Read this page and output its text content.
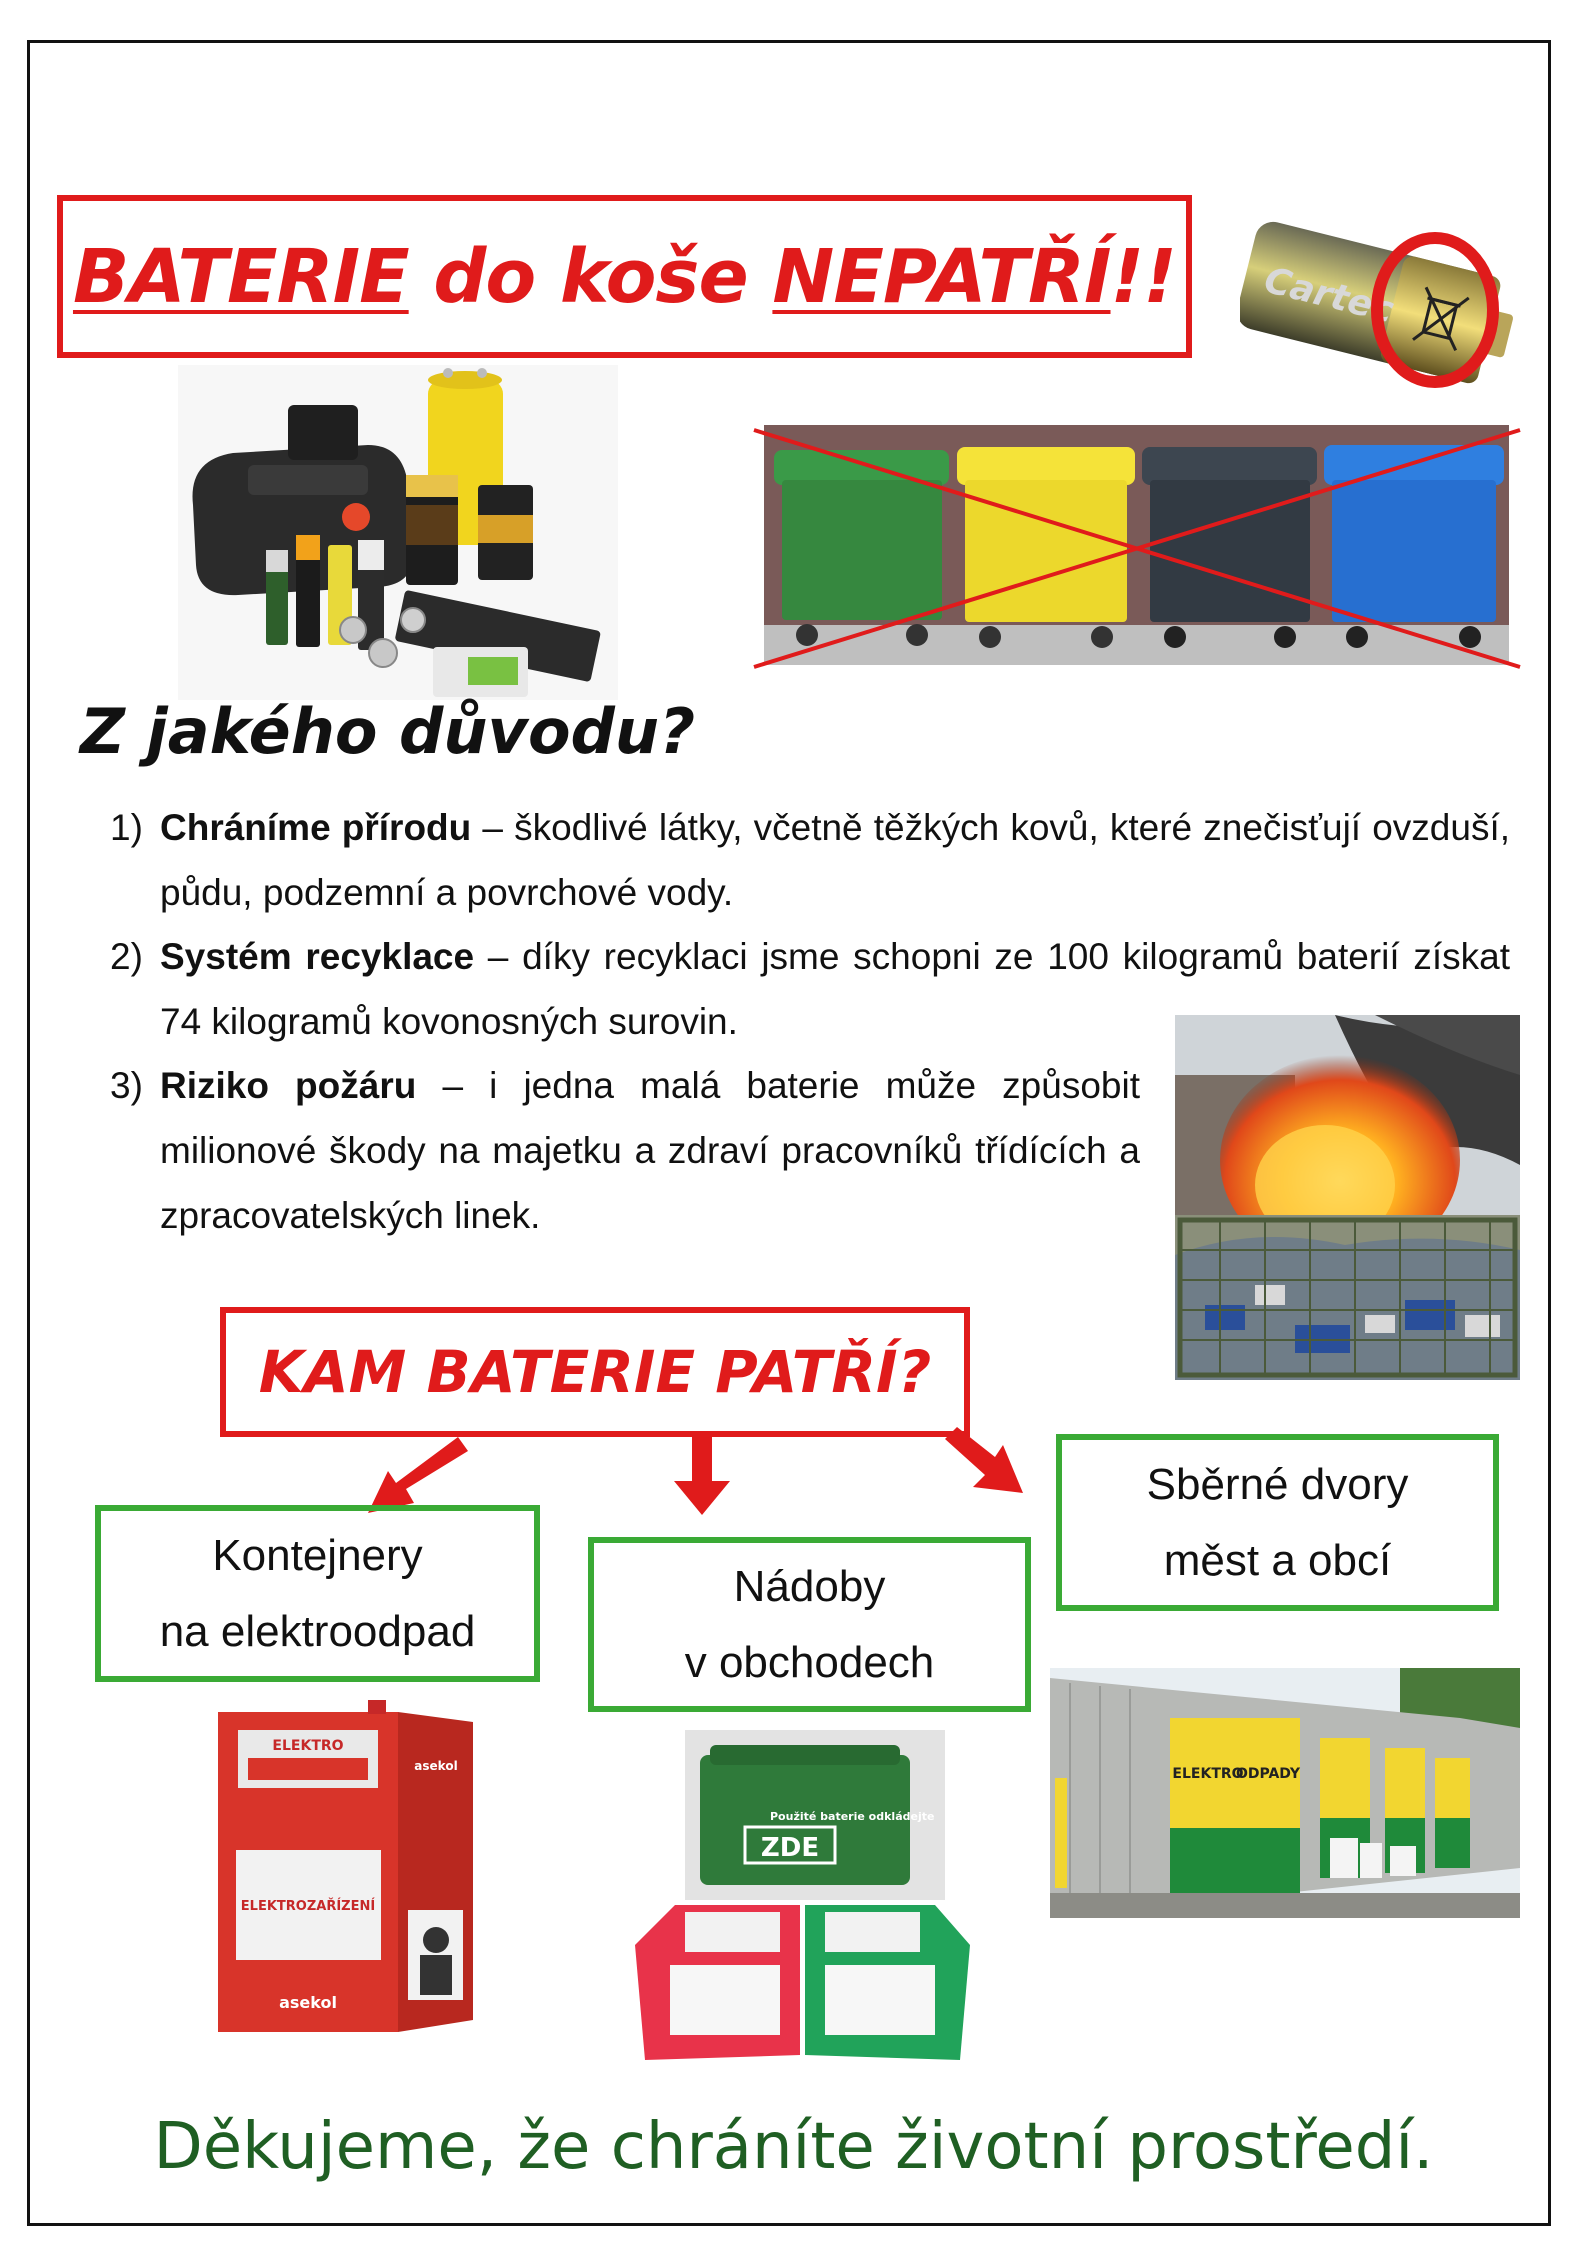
BATERIE do koše NEPATŘÍ!! Cartec
Z jakého důvodu?
1) Chráníme přírodu – škodlivé látky, včetně těžkých kovů, které znečisťují ovzduší, půdu, podzemní a povrchové vody.
2) Systém recyklace – díky recyklaci jsme schopni ze 100 kilogramů baterií získat 74 kilogramů kovonosných surovin.
3) Riziko požáru – i jedna malá baterie může způsobit milionové škody na majetku a zdraví pracovníků třídících a zpracovatelských linek.
KAM BATERIE PATŘÍ?
Kontejnery
na elektroodpad
Nádoby
v obchodech
Sběrné dvory
měst a obcí
ELEKTRO
ELEKTROZAŘÍZENÍ
asekol
asekol
Použité baterie odkládejte
ZDE
ELEKTRO
ODPADY
Děkujeme, že chráníte životní prostředí.
